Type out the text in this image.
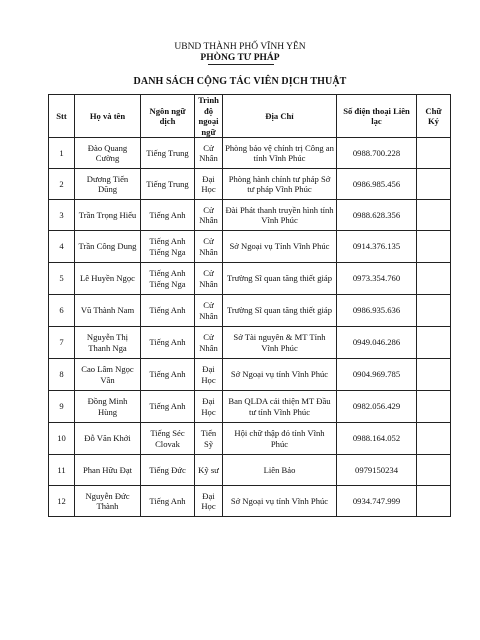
UBND THÀNH PHỐ VĨNH YÊN
PHÒNG TƯ PHÁP
DANH SÁCH CỘNG TÁC VIÊN DỊCH THUẬT
Stt	Họ và tên	Ngôn ngữ dịch	Trình độ ngoại ngữ	Địa Chỉ	Số điện thoại Liên lạc	Chữ Ký
1	Đào Quang Cường	Tiếng Trung	Cử Nhân	Phòng bảo vệ chính trị Công an tỉnh Vĩnh Phúc	0988.700.228	
2	Dương Tiến Dũng	Tiếng Trung	Đại Học	Phòng hành chính tư pháp Sở tư pháp Vĩnh Phúc	0986.985.456	
3	Trần Trọng Hiếu	Tiếng Anh	Cử Nhân	Đài Phát thanh truyền hình tỉnh Vĩnh Phúc	0988.628.356	
4	Trần Công Dung	Tiếng Anh Tiếng Nga	Cử Nhân	Sở Ngoại vụ Tỉnh Vĩnh Phúc	0914.376.135	
5	Lê Huyền Ngọc	Tiếng Anh Tiếng Nga	Cử Nhân	Trường Sĩ quan tăng thiết giáp	0973.354.760	
6	Vũ Thành Nam	Tiếng Anh	Cử Nhân	Trường Sĩ quan tăng thiết giáp	0986.935.636	
7	Nguyễn Thị Thanh Nga	Tiếng Anh	Cử Nhân	Sở Tài nguyên & MT Tỉnh Vĩnh Phúc	0949.046.286	
8	Cao Lâm Ngọc Vân	Tiếng Anh	Đại Học	Sở Ngoại vụ tỉnh Vĩnh Phúc	0904.969.785	
9	Đồng Minh Hùng	Tiếng Anh	Đại Học	Ban QLDA cải thiện MT Đầu tư tỉnh Vĩnh Phúc	0982.056.429	
10	Đỗ Văn Khởi	Tiếng Séc Clovak	Tiến Sỹ	Hội chữ thập đỏ tỉnh Vĩnh Phúc	0988.164.052	
11	Phan Hữu Đạt	Tiếng Đức	Kỹ sư	Liên Bảo	0979150234	
12	Nguyễn Đức Thành	Tiếng Anh	Đại Học	Sở Ngoại vụ tỉnh Vĩnh Phúc	0934.747.999	
